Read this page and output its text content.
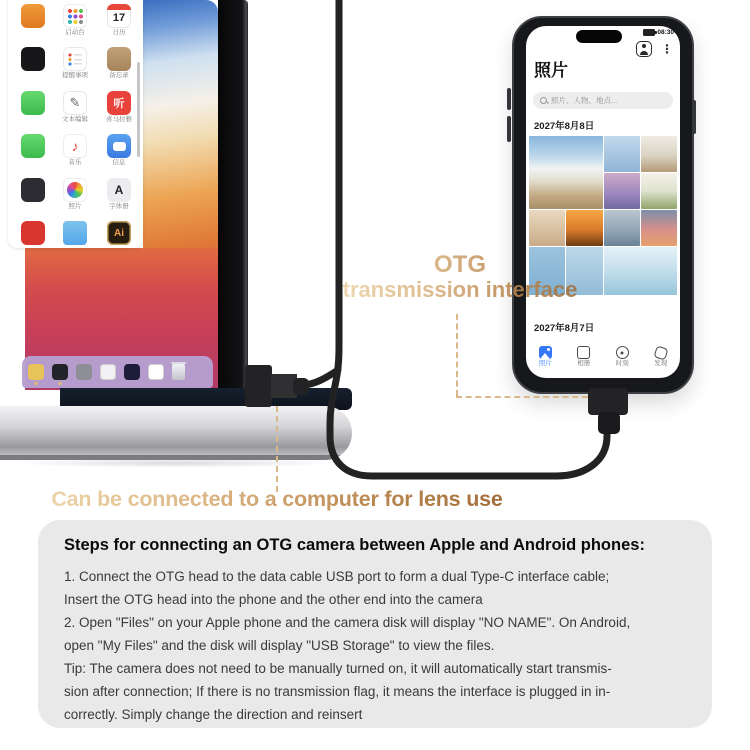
启动台
17
日历
提醒事项	备忘录
✎
文本编辑
听
喜马拉雅
♪
音乐	信息
照片
A
字体册
Ai
08:30
⋮
照片
照片、人物、地点...
2027年8月8日
2027年8月7日
照片	相册	时刻	发现
OTG
transmission interface
Can be connected to a computer for lens use
Steps for connecting an OTG camera between Apple and Android phones:
1. Connect the OTG head to the data cable USB port to form a dual Type-C interface cable;
Insert the OTG head into the phone and the other end into the camera
2. Open "Files" on your Apple phone and the camera disk will display "NO NAME". On Android,
open "My Files" and the disk will display "USB Storage" to view the files.
Tip: The camera does not need to be manually turned on, it will automatically start transmis-
sion after connection; If there is no transmission flag, it means the interface is plugged in in-
correctly. Simply change the direction and reinsert
